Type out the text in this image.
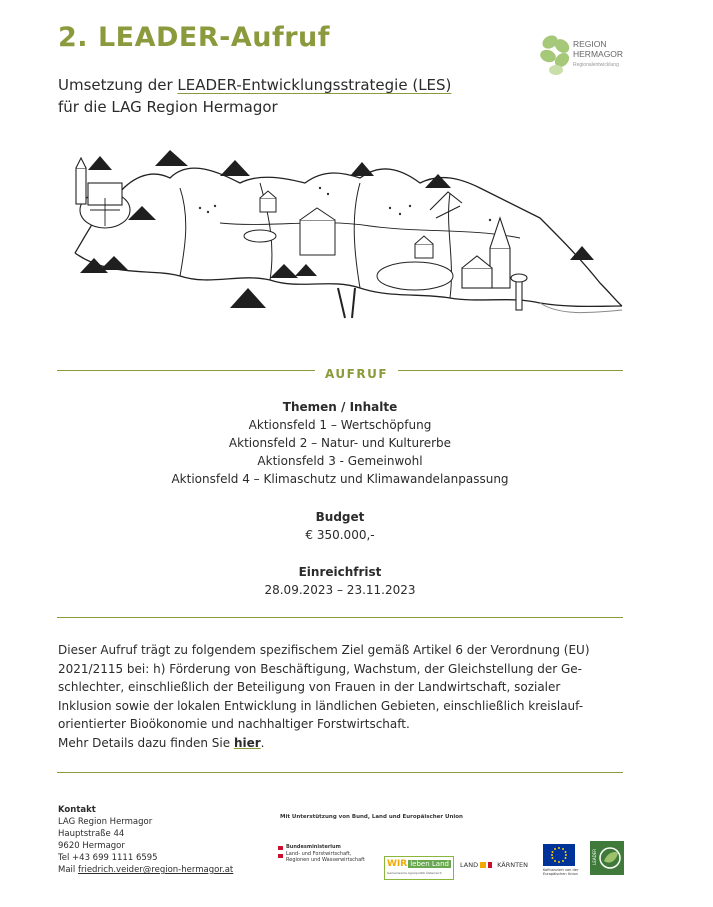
2. LEADER-Aufruf
Umsetzung der LEADER-Entwicklungsstrategie (LES)
für die LAG Region Hermagor
REGION
HERMAGOR
Regionalentwicklung
AUFRUF
Themen / Inhalte
Aktionsfeld 1 – Wertschöpfung
Aktionsfeld 2 – Natur- und Kulturerbe
Aktionsfeld 3 - Gemeinwohl
Aktionsfeld 4 – Klimaschutz und Klimawandelanpassung
Budget
€ 350.000,-
Einreichfrist
28.09.2023 – 23.11.2023
Dieser Aufruf trägt zu folgendem spezifischem Ziel gemäß Artikel 6 der Verordnung (EU)
2021/2115 bei: h) Förderung von Beschäftigung, Wachstum, der Gleichstellung der Ge-
schlechter, einschließlich der Beteiligung von Frauen in der Landwirtschaft, sozialer
Inklusion sowie der lokalen Entwicklung in ländlichen Gebieten, einschließlich kreislauf-
orientierter Bioökonomie und nachhaltiger Forstwirtschaft.
Mehr Details dazu finden Sie hier.
Kontakt
LAG Region Hermagor
Hauptstraße 44
9620 Hermagor
Tel +43 699 1111 6595
Mail friedrich.veider@region-hermagor.at
Mit Unterstützung von Bund, Land und Europäischer Union
Bundesministerium
Land- und Forstwirtschaft,
Regionen und Wasserwirtschaft WIR leben Land
Gemeinsame Agrarpolitik Österreich
LAND	KÄRNTEN
Kofinanziert von der Europäischen Union
LEADER
